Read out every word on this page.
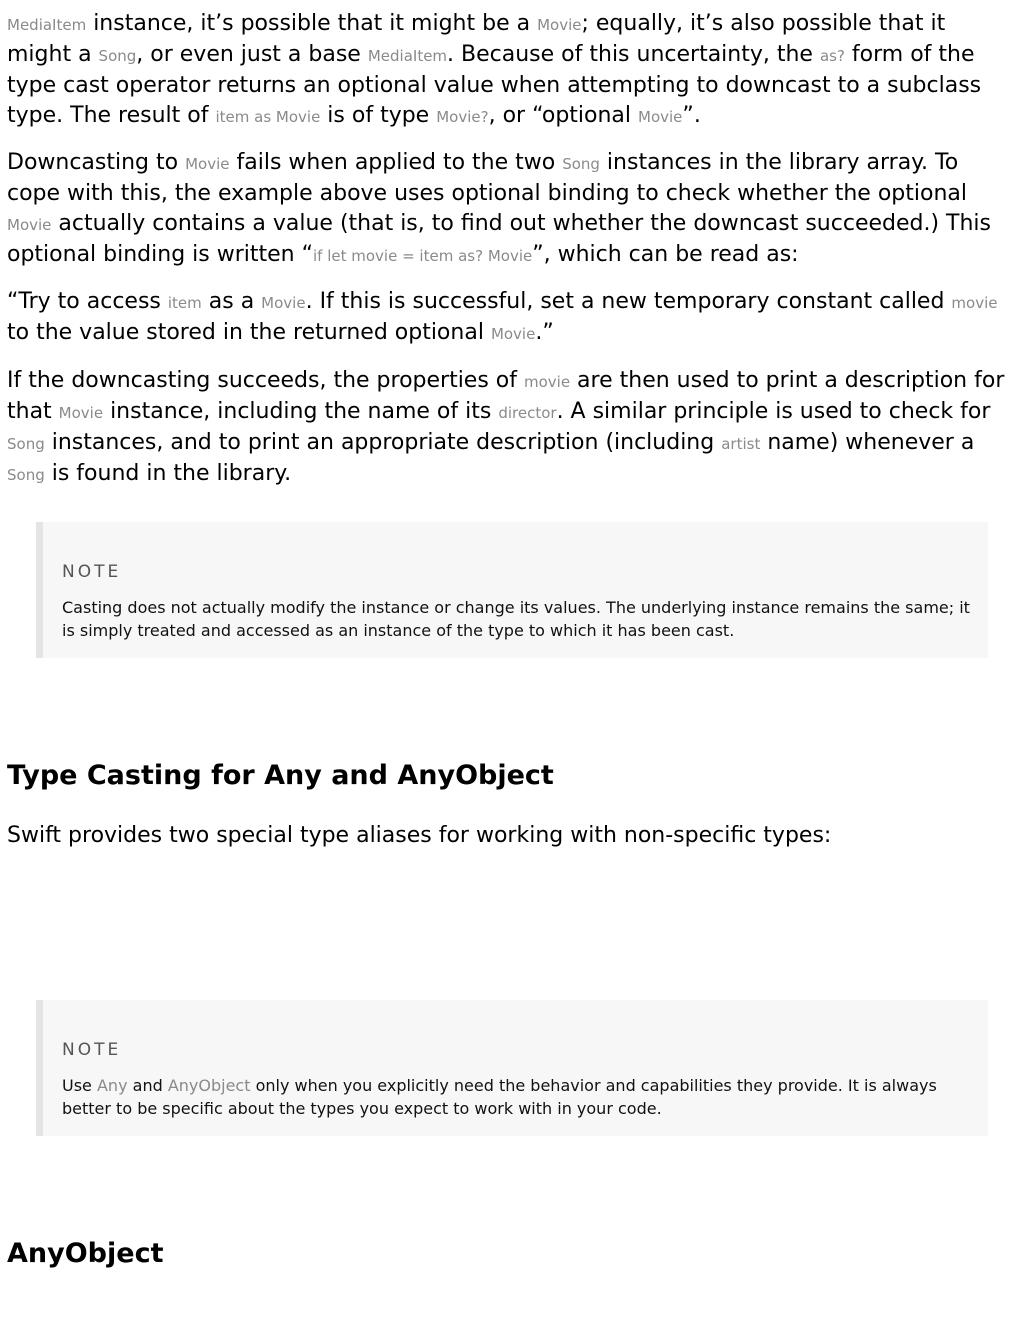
MediaItem instance, it’s possible that it might be a Movie; equally, it’s also possible that it might a Song, or even just a base MediaItem. Because of this uncertainty, the as? form of the type cast operator returns an optional value when attempting to downcast to a subclass type. The result of item as Movie is of type Movie?, or “optional Movie”.

Downcasting to Movie fails when applied to the two Song instances in the library array. To cope with this, the example above uses optional binding to check whether the optional Movie actually contains a value (that is, to find out whether the downcast succeeded.) This optional binding is written “if let movie = item as? Movie”, which can be read as:

“Try to access item as a Movie. If this is successful, set a new temporary constant called movie to the value stored in the returned optional Movie.”

If the downcasting succeeds, the properties of movie are then used to print a description for that Movie instance, including the name of its director. A similar principle is used to check for Song instances, and to print an appropriate description (including artist name) whenever a Song is found in the library.

NOTE
Casting does not actually modify the instance or change its values. The underlying instance remains the same; it is simply treated and accessed as an instance of the type to which it has been cast.
Type Casting for Any and AnyObject

Swift provides two special type aliases for working with non-specific types:

NOTE
Use Any and AnyObject only when you explicitly need the behavior and capabilities they provide. It is always better to be specific about the types you expect to work with in your code.
AnyObject
